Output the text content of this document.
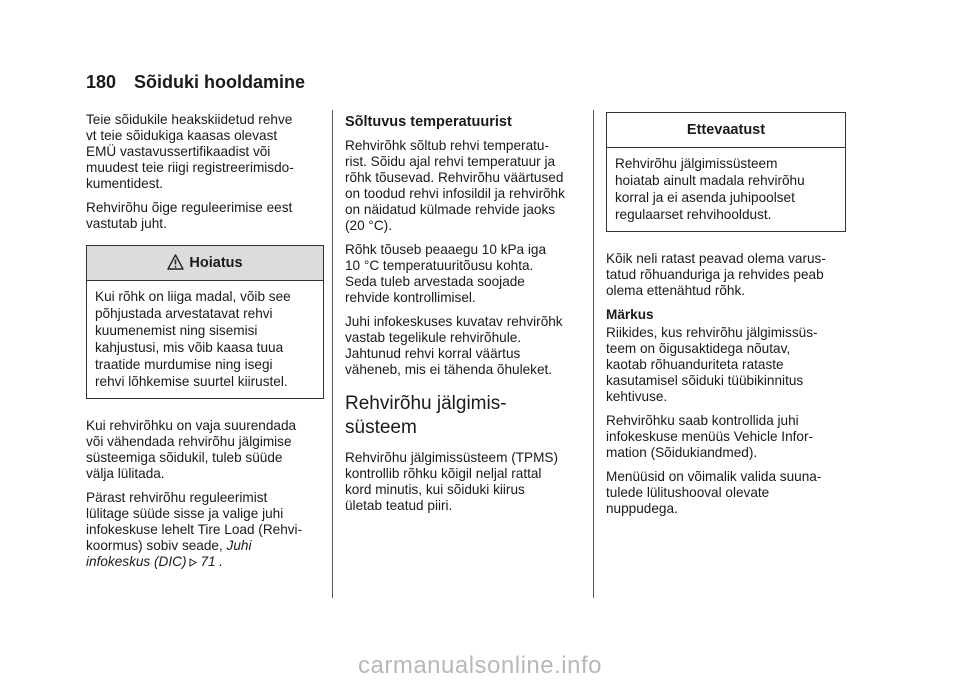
180 Sõiduki hooldamine

Teie sõidukile heakskiidetud rehve
vt teie sõidukiga kaasas olevast
EMÜ vastavussertifikaadist või
muudest teie riigi registreerimisdo-
kumentidest.

Rehvirõhu õige reguleerimise eest
vastutab juht.

Hoiatus
Kui rõhk on liiga madal, võib see
põhjustada arvestatavat rehvi
kuumenemist ning sisemisi
kahjustusi, mis võib kaasa tuua
traatide murdumise ning isegi
rehvi lõhkemise suurtel kiirustel.

Kui rehvirõhku on vaja suurendada
või vähendada rehvirõhu jälgimise
süsteemiga sõidukil, tuleb süüde
välja lülitada.

Pärast rehvirõhu reguleerimist
lülitage süüde sisse ja valige juhi
infokeskuse lehelt Tire Load (Rehvi-
koormus) sobiv seade, Juhi
infokeskus (DIC) 71 .

Sõltuvus temperatuurist

Rehvirõhk sõltub rehvi temperatu-
rist. Sõidu ajal rehvi temperatuur ja
rõhk tõusevad. Rehvirõhu väärtused
on toodud rehvi infosildil ja rehvirõhk
on näidatud külmade rehvide jaoks
(20 °C).

Rõhk tõuseb peaaegu 10 kPa iga
10 °C temperatuuritõusu kohta.
Seda tuleb arvestada soojade
rehvide kontrollimisel.

Juhi infokeskuses kuvatav rehvirõhk
vastab tegelikule rehvirõhule.
Jahtunud rehvi korral väärtus
väheneb, mis ei tähenda õhuleket.

Rehvirõhu jälgimis-
süsteem

Rehvirõhu jälgimissüsteem (TPMS)
kontrollib rõhku kõigil neljal rattal
kord minutis, kui sõiduki kiirus
ületab teatud piiri.

Ettevaatust
Rehvirõhu jälgimissüsteem
hoiatab ainult madala rehvirõhu
korral ja ei asenda juhipoolset
regulaarset rehvihooldust.

Kõik neli ratast peavad olema varus-
tatud rõhuanduriga ja rehvides peab
olema ettenähtud rõhk.

Märkus

Riikides, kus rehvirõhu jälgimissüs-
teem on õigusaktidega nõutav,
kaotab rõhuanduriteta rataste
kasutamisel sõiduki tüübikinnitus
kehtivuse.

Rehvirõhku saab kontrollida juhi
infokeskuse menüüs Vehicle Infor-
mation (Sõidukiandmed).

Menüüsid on võimalik valida suuna-
tulede lülitushooval olevate
nuppudega.

carmanualsonline.info
